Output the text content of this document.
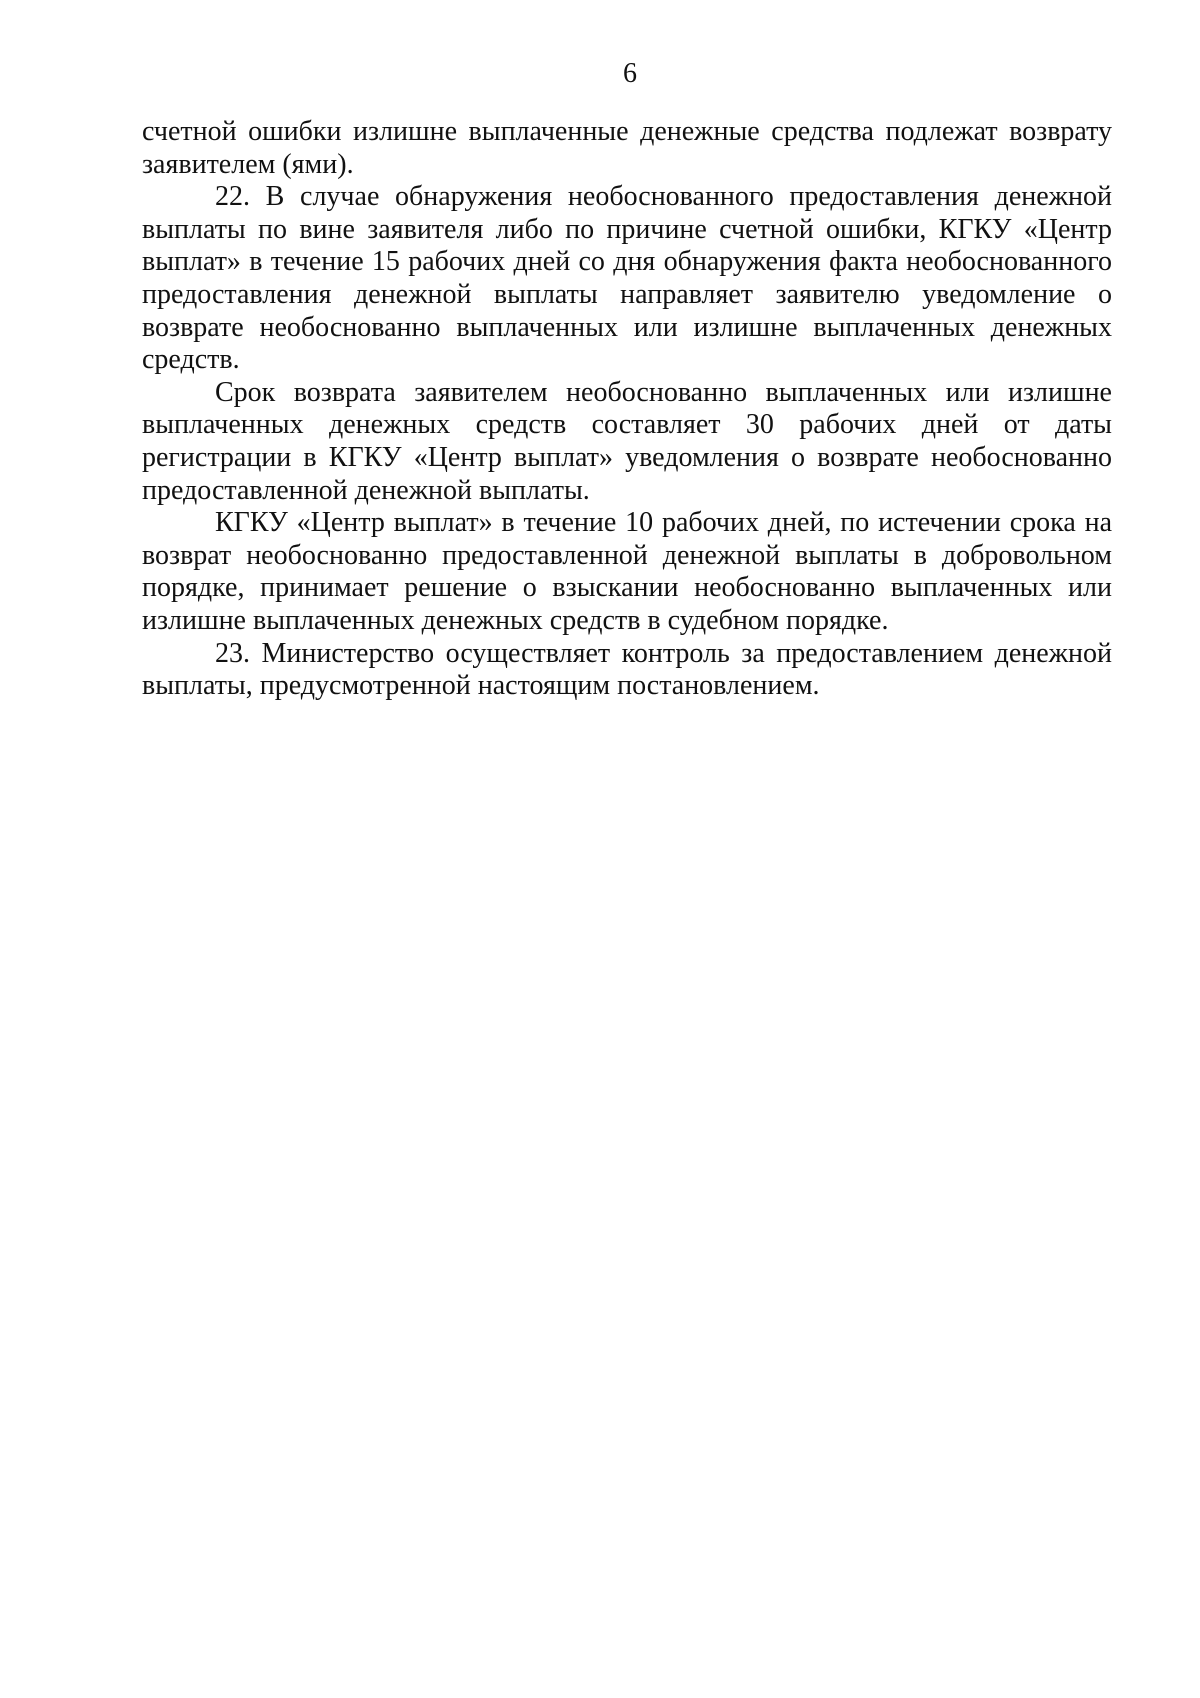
6

счетной ошибки излишне выплаченные денежные средства подлежат возврату заявителем (ями).

22. В случае обнаружения необоснованного предоставления денежной выплаты по вине заявителя либо по причине счетной ошибки, КГКУ «Центр выплат» в течение 15 рабочих дней со дня обнаружения факта необоснованного предоставления денежной выплаты направляет заявителю уведомление о возврате необоснованно выплаченных или излишне выплаченных денежных средств.

Срок возврата заявителем необоснованно выплаченных или излишне выплаченных денежных средств составляет 30 рабочих дней от даты регистрации в КГКУ «Центр выплат» уведомления о возврате необоснованно предоставленной денежной выплаты.

КГКУ «Центр выплат» в течение 10 рабочих дней, по истечении срока на возврат необоснованно предоставленной денежной выплаты в добровольном порядке, принимает решение о взыскании необоснованно выплаченных или излишне выплаченных денежных средств в судебном порядке.

23. Министерство осуществляет контроль за предоставлением денежной выплаты, предусмотренной настоящим постановлением.
